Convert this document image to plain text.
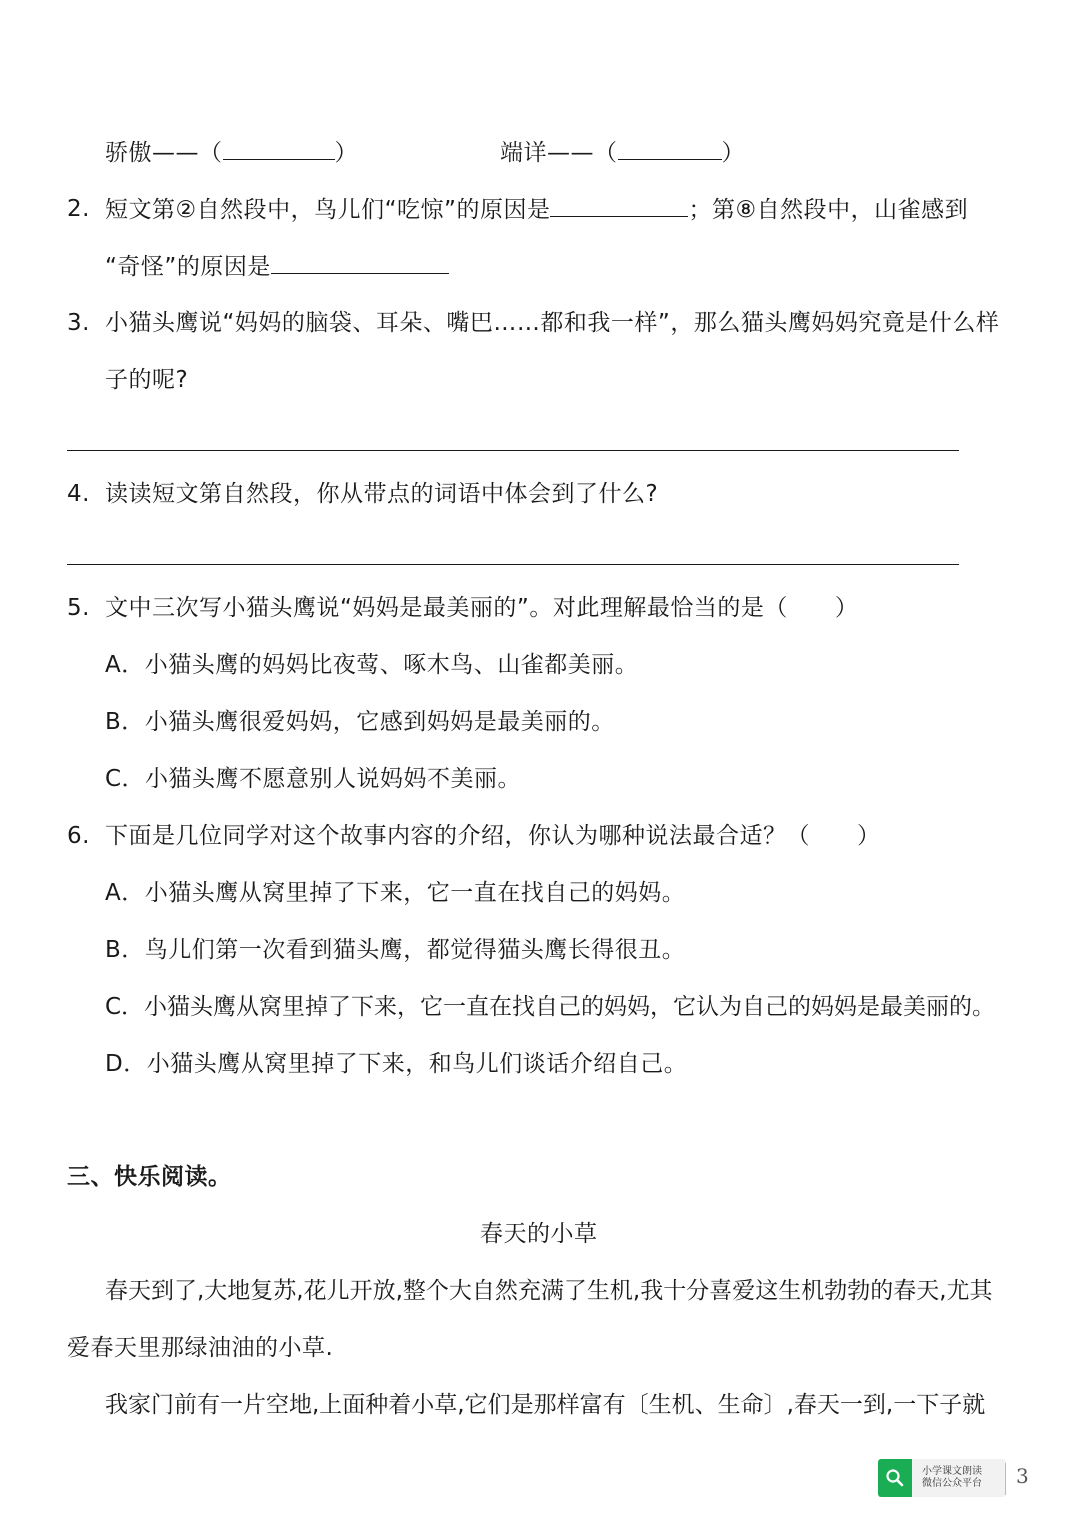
骄傲——（	）	端详——（	）
2. 短文第②自然段中，鸟儿们“吃惊”的原因是	；第⑧自然段中，山雀感到
“奇怪”的原因是
3. 小猫头鹰说“妈妈的脑袋、耳朵、嘴巴……都和我一样”，那么猫头鹰妈妈究竟是什么样
子的呢?
4. 读读短文第自然段，你从带点的词语中体会到了什么?
5. 文中三次写小猫头鹰说“妈妈是最美丽的”。对此理解最恰当的是（　　）
A．小猫头鹰的妈妈比夜莺、啄木鸟、山雀都美丽。
B．小猫头鹰很爱妈妈，它感到妈妈是最美丽的。
C．小猫头鹰不愿意别人说妈妈不美丽。
6. 下面是几位同学对这个故事内容的介绍，你认为哪种说法最合适？（　　）
A．小猫头鹰从窝里掉了下来，它一直在找自己的妈妈。
B．鸟儿们第一次看到猫头鹰，都觉得猫头鹰长得很丑。
C．小猫头鹰从窝里掉了下来，它一直在找自己的妈妈，它认为自己的妈妈是最美丽的。
D．小猫头鹰从窝里掉了下来，和鸟儿们谈话介绍自己。
三、快乐阅读。
春天的小草
春天到了,大地复苏,花儿开放,整个大自然充满了生机,我十分喜爱这生机勃勃的春天,尤其
爱春天里那绿油油的小草.
我家门前有一片空地,上面种着小草,它们是那样富有〔生机、生命〕,春天一到,一下子就
小学课文朗读
微信公众平台 3
